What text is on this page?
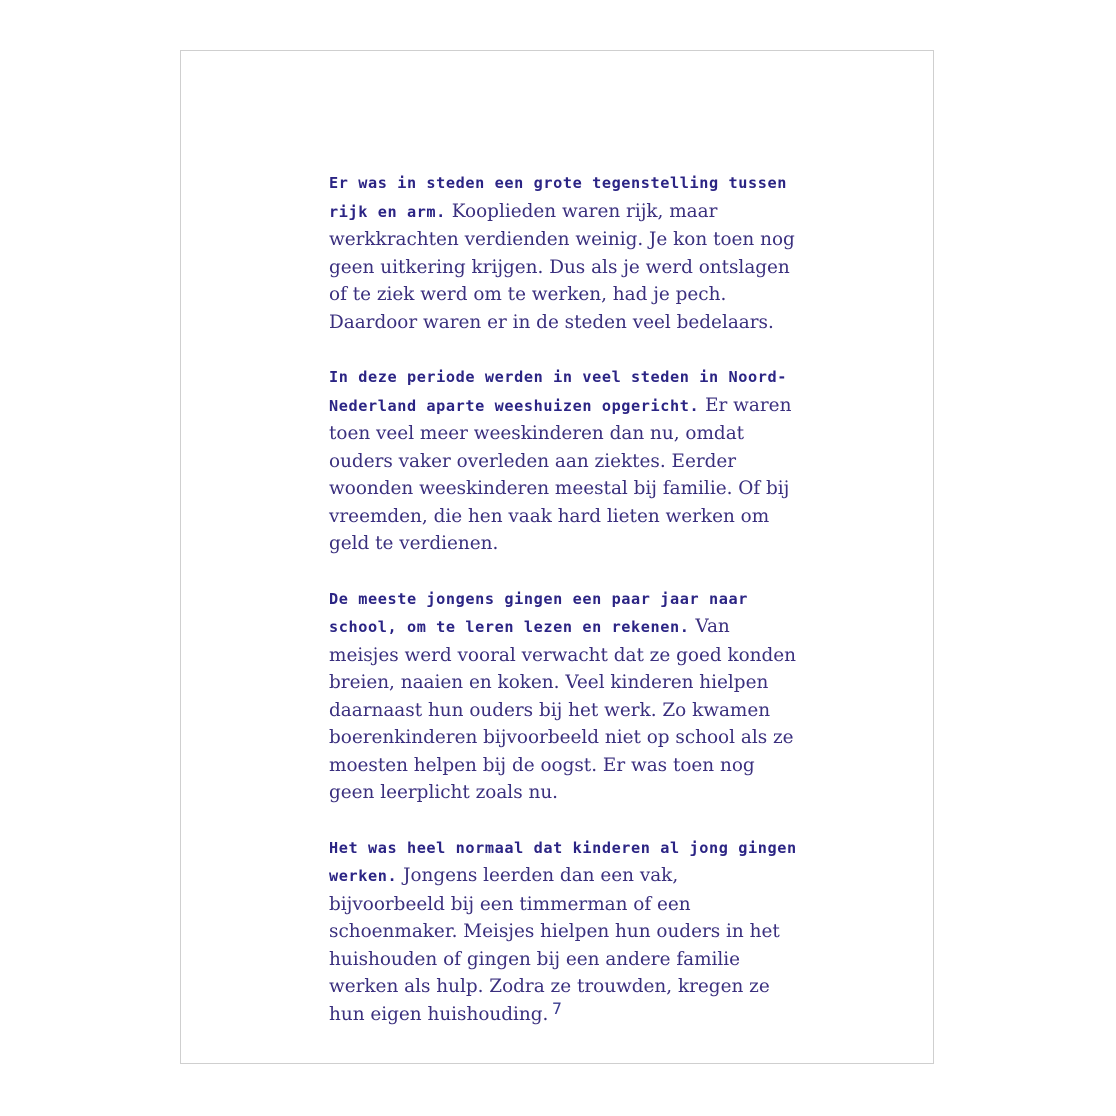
Er was in steden een grote tegenstelling tussen rijk en arm. Kooplieden waren rijk, maar werkkrachten verdienden weinig. Je kon toen nog geen uitkering krijgen. Dus als je werd ontslagen of te ziek werd om te werken, had je pech. Daardoor waren er in de steden veel bedelaars.

In deze periode werden in veel steden in Noord-Nederland aparte weeshuizen opgericht. Er waren toen veel meer weeskinderen dan nu, omdat ouders vaker overleden aan ziektes. Eerder woonden weeskinderen meestal bij familie. Of bij vreemden, die hen vaak hard lieten werken om geld te verdienen.

De meeste jongens gingen een paar jaar naar school, om te leren lezen en rekenen. Van meisjes werd vooral verwacht dat ze goed konden breien, naaien en koken. Veel kinderen hielpen daarnaast hun ouders bij het werk. Zo kwamen boerenkinderen bijvoorbeeld niet op school als ze moesten helpen bij de oogst. Er was toen nog geen leerplicht zoals nu.

Het was heel normaal dat kinderen al jong gingen werken. Jongens leerden dan een vak, bijvoorbeeld bij een timmerman of een schoenmaker. Meisjes hielpen hun ouders in het huishouden of gingen bij een andere familie werken als hulp. Zodra ze trouwden, kregen ze hun eigen huishouding. 7
